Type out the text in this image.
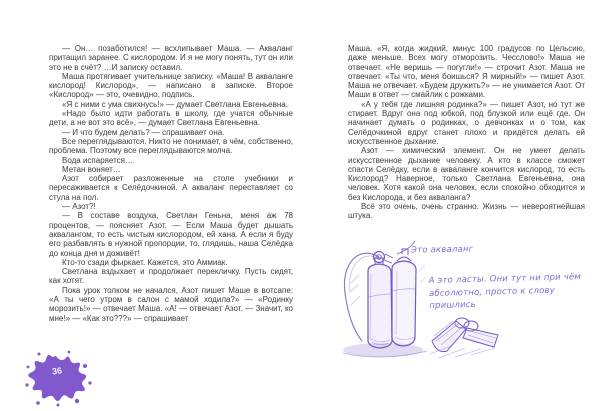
— Он… позаботился! — всхлипывает Маша. — Акваланг притащил заранее. С кислородом. И я не могу понять, тут он или это не в счёт? …И записку оставил.

Маша протягивает учительнице записку. «Маша! В акваланге кислород! Кислород», — написано в записке. Второе «Кислород» — это, очевидно, подпись.

«Я с ними с ума свихнусь!» — думает Светлана Евгеньевна.

«Надо было идти работать в школу, где учатся обычные дети, а не вот это всё», — думает Светлана Евгеньевна.

— И что будем делать? — спрашивает она.

Все переглядываются. Никто не понимает, в чём, собственно, проблема. Поэтому все переглядываются молча.

Вода испаряется…

Метан воняет…

Азот собирает разложенные на столе учебники и пересаживается к Селёдочкиной. А акваланг переставляет со стула на пол.

— Азот?!

— В составе воздуха, Светлан Геньна, меня аж 78 процентов, — поясняет Азот. — Если Маша будет дышать аквалангом, то есть чистым кислородом, ей хана. А если я буду его разбавлять в нужной пропорции, то, глядишь, наша Селёдка до конца дня и доживёт!

Кто-то сзади фыркает. Кажется, это Аммиак.

Светлана вздыхает и продолжает перекличку. Пусть сидят, как хотят.

Пока урок толком не начался, Азот пишет Маше в вотсапе: «А ты чего утром в салон с мамой ходила?» — «Родинку морозить!» — отвечает Маша. «А! — отвечает Азот. — Значит, ко мне!» — «Как это???» — спрашивает

36

Маша. «Я, когда жидкий, минус 100 градусов по Цельсию, даже меньше. Всех могу отморозить. Чесслово!» Маша не отвечает. «Не веришь — погугли!» — строчит Азот. Маша не отвечает. «Ты что, меня боишься? Я мирный!» — пишет Азот. Маша не отвечает. «Будем дружить?» — не унимается Азот. От Маши в ответ — смайлик с рожками.

«А у тебя где лишняя родинка?» — пишет Азот, но тут же стирает. Вдруг она под юбкой, под блузкой или ещё где. Он начинает думать о родинках, о девчонках и о том, как Селёдочкиной вдруг станет плохо и придётся делать ей искусственное дыхание.

Азот — химический элемент. Он не умеет делать искусственное дыхание человеку. А кто в классе сможет спасти Селёдку, если в акваланге кончится кислород, то есть Кислород? Наверное, только Светлана Евгеньевна, она человек. Хотя какой она человек, если спокойно обходится и без Кислорода, и без акваланга?

Всё это очень, очень странно. Жизнь — невероятнейшая штука.

Это акваланг
А это ласты. Они тут ни при чём абсолютно, просто к слову пришлись
